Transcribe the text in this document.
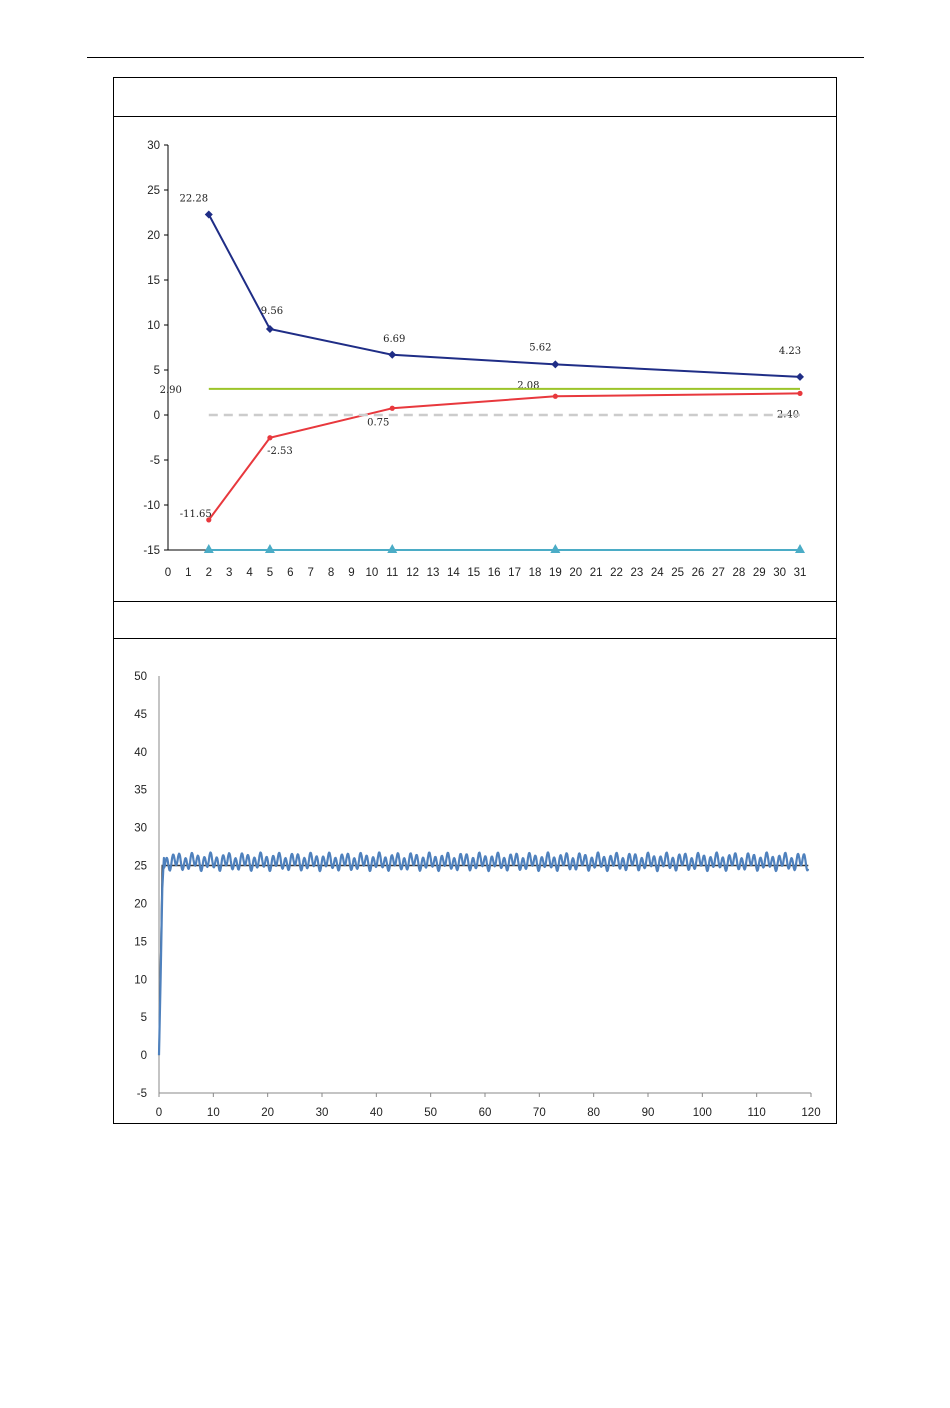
30
25
20
15
10
5
0
-5
-10
-15
0 1 2 3 4 5 6 7 8 9 10 11 12 13 14 15 16 17 18 19 20 21 22 23 24 25 26 27 28 29 30 31
22.28
9.56
6.69
5.62	4.23
-11.65
-2.53
0.75
2.08
2.40
2.90
50
45
40
35
30
25
20
15
10
5
0
-5
0	10	20	30	40	50	60	70	80	90	100	110	120
